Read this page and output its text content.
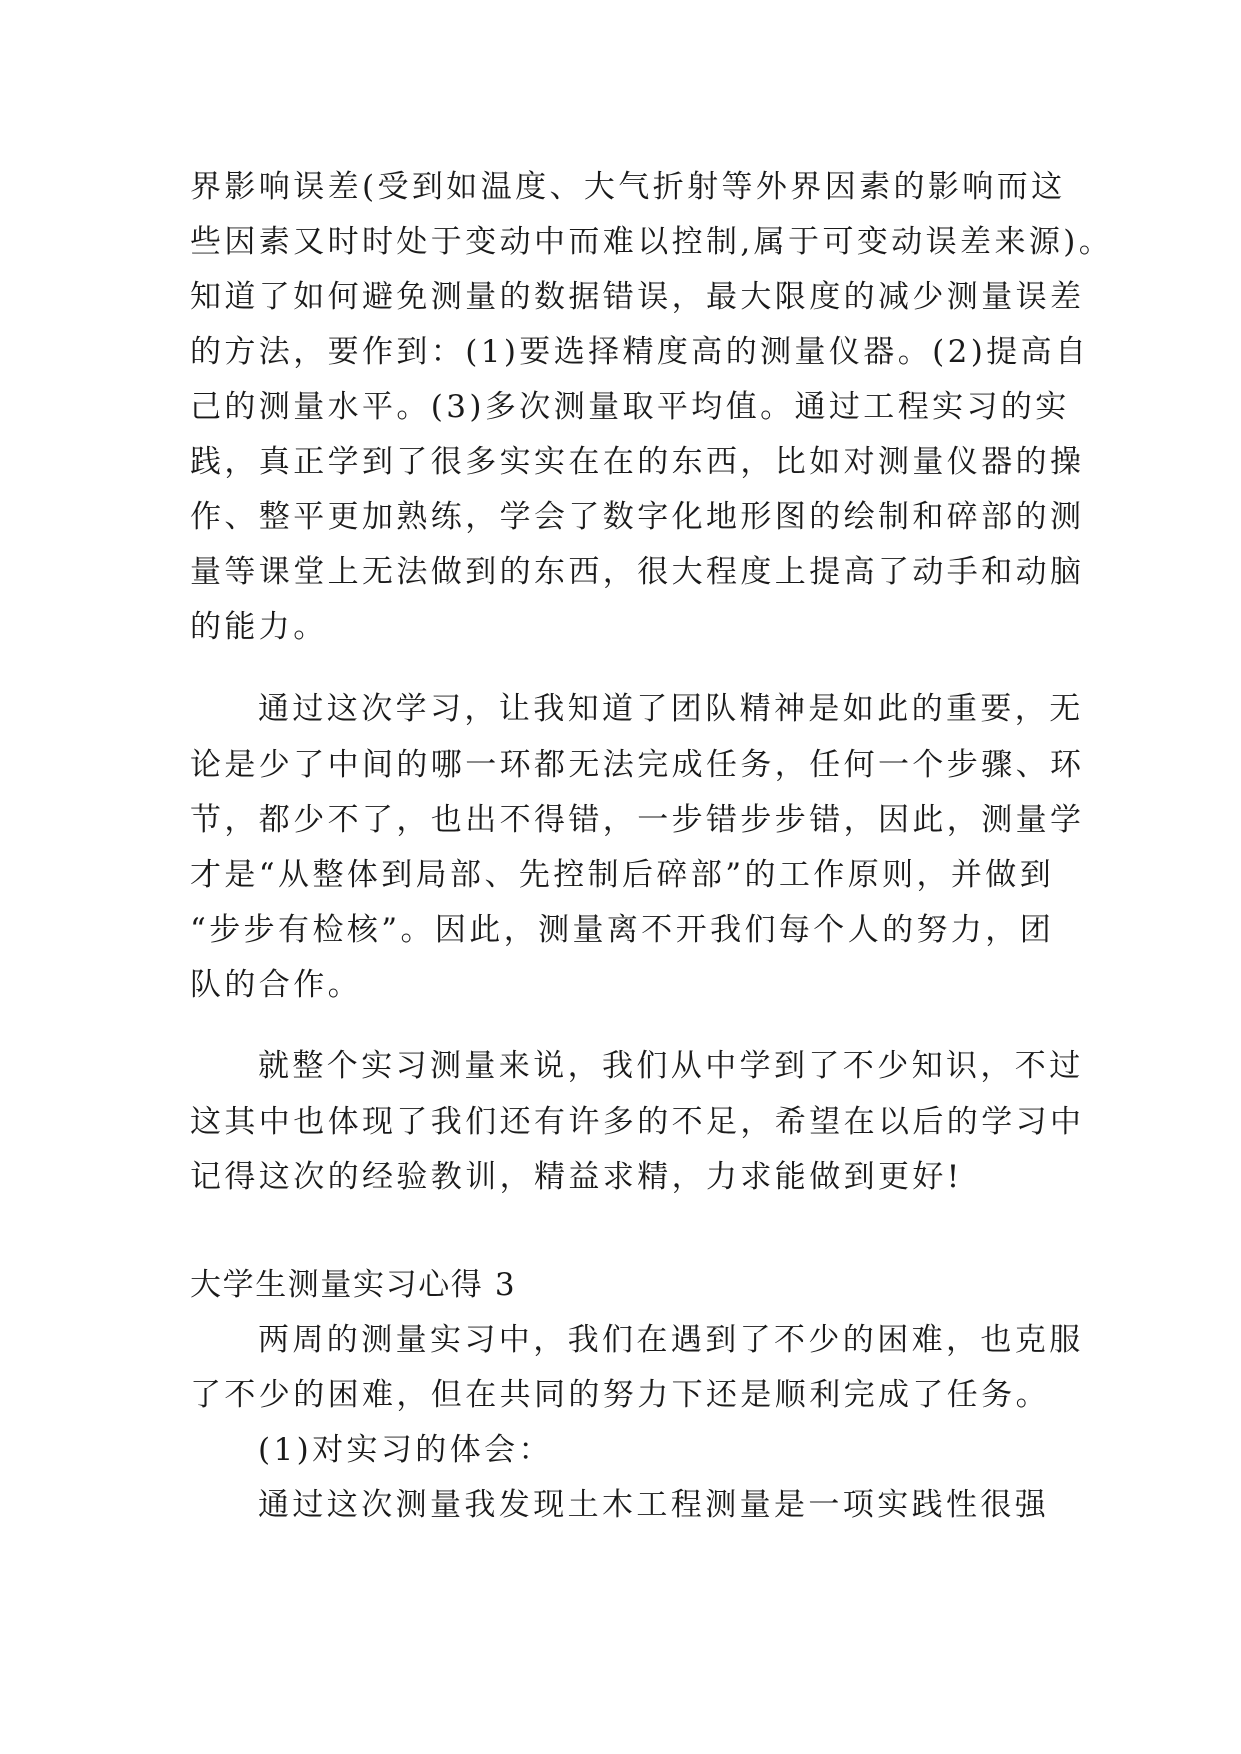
界影响误差(受到如温度、大气折射等外界因素的影响而这
些因素又时时处于变动中而难以控制,属于可变动误差来源)。
知道了如何避免测量的数据错误，最大限度的减少测量误差
的方法，要作到：(1)要选择精度高的测量仪器。(2)提高自
己的测量水平。(3)多次测量取平均值。通过工程实习的实
践，真正学到了很多实实在在的东西，比如对测量仪器的操
作、整平更加熟练，学会了数字化地形图的绘制和碎部的测
量等课堂上无法做到的东西，很大程度上提高了动手和动脑
的能力。
通过这次学习，让我知道了团队精神是如此的重要，无
论是少了中间的哪一环都无法完成任务，任何一个步骤、环
节，都少不了，也出不得错，一步错步步错，因此，测量学
才是“从整体到局部、先控制后碎部”的工作原则，并做到
“步步有检核”。因此，测量离不开我们每个人的努力，团
队的合作。
就整个实习测量来说，我们从中学到了不少知识，不过
这其中也体现了我们还有许多的不足，希望在以后的学习中
记得这次的经验教训，精益求精，力求能做到更好!
大学生测量实习心得 3
两周的测量实习中，我们在遇到了不少的困难，也克服
了不少的困难，但在共同的努力下还是顺利完成了任务。
(1)对实习的体会：
通过这次测量我发现土木工程测量是一项实践性很强
